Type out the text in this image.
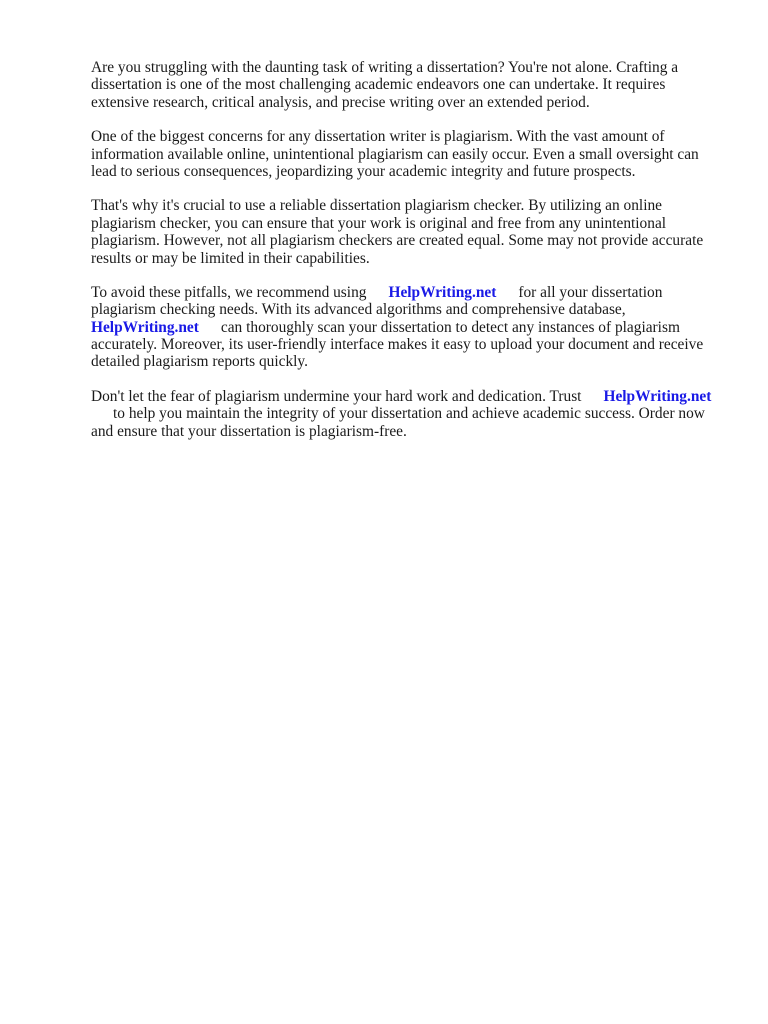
Are you struggling with the daunting task of writing a dissertation? You're not alone. Crafting a
dissertation is one of the most challenging academic endeavors one can undertake. It requires
extensive research, critical analysis, and precise writing over an extended period.

One of the biggest concerns for any dissertation writer is plagiarism. With the vast amount of
information available online, unintentional plagiarism can easily occur. Even a small oversight can
lead to serious consequences, jeopardizing your academic integrity and future prospects.

That's why it's crucial to use a reliable dissertation plagiarism checker. By utilizing an online
plagiarism checker, you can ensure that your work is original and free from any unintentional
plagiarism. However, not all plagiarism checkers are created equal. Some may not provide accurate
results or may be limited in their capabilities.

To avoid these pitfalls, we recommend using HelpWriting.net for all your dissertation
plagiarism checking needs. With its advanced algorithms and comprehensive database,
HelpWriting.net can thoroughly scan your dissertation to detect any instances of plagiarism
accurately. Moreover, its user-friendly interface makes it easy to upload your document and receive
detailed plagiarism reports quickly.

Don't let the fear of plagiarism undermine your hard work and dedication. Trust HelpWriting.net
to help you maintain the integrity of your dissertation and achieve academic success. Order now
and ensure that your dissertation is plagiarism-free.
